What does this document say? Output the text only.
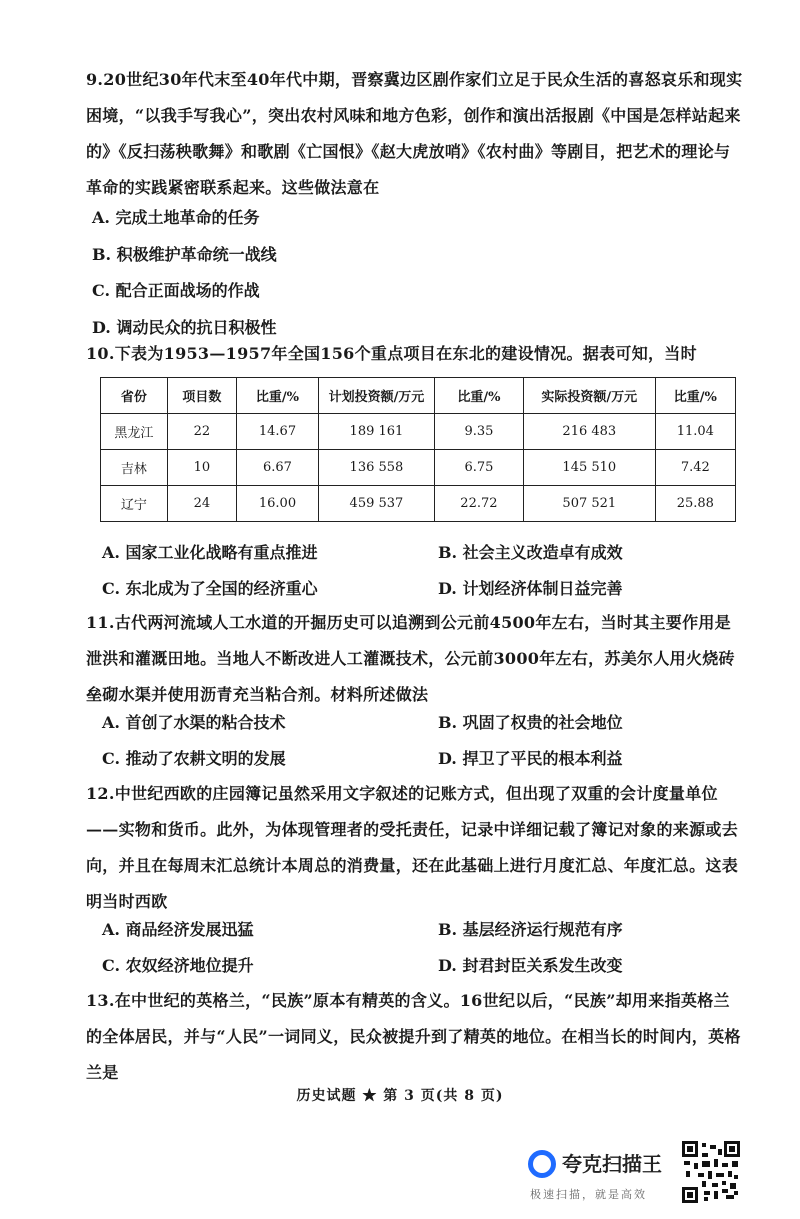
9.20世纪30年代末至40年代中期，晋察冀边区剧作家们立足于民众生活的喜怒哀乐和现实困境，“以我手写我心”，突出农村风味和地方色彩，创作和演出活报剧《中国是怎样站起来的》《反扫荡秧歌舞》和歌剧《亡国恨》《赵大虎放哨》《农村曲》等剧目，把艺术的理论与革命的实践紧密联系起来。这些做法意在
A. 完成土地革命的任务
B. 积极维护革命统一战线
C. 配合正面战场的作战
D. 调动民众的抗日积极性
10.下表为1953—1957年全国156个重点项目在东北的建设情况。据表可知，当时
省份	项目数	比重/%	计划投资额/万元	比重/%	实际投资额/万元	比重/%
黑龙江	22	14.67	189 161	9.35	216 483	11.04
吉林	10	6.67	136 558	6.75	145 510	7.42
辽宁	24	16.00	459 537	22.72	507 521	25.88
A. 国家工业化战略有重点推进	B. 社会主义改造卓有成效
C. 东北成为了全国的经济重心	D. 计划经济体制日益完善
11.古代两河流域人工水道的开掘历史可以追溯到公元前4500年左右，当时其主要作用是泄洪和灌溉田地。当地人不断改进人工灌溉技术，公元前3000年左右，苏美尔人用火烧砖垒砌水渠并使用沥青充当粘合剂。材料所述做法
A. 首创了水渠的粘合技术	B. 巩固了权贵的社会地位
C. 推动了农耕文明的发展	D. 捍卫了平民的根本利益
12.中世纪西欧的庄园簿记虽然采用文字叙述的记账方式，但出现了双重的会计度量单位——实物和货币。此外，为体现管理者的受托责任，记录中详细记载了簿记对象的来源或去向，并且在每周末汇总统计本周总的消费量，还在此基础上进行月度汇总、年度汇总。这表明当时西欧
A. 商品经济发展迅猛	B. 基层经济运行规范有序
C. 农奴经济地位提升	D. 封君封臣关系发生改变
13.在中世纪的英格兰，“民族”原本有精英的含义。16世纪以后，“民族”却用来指英格兰的全体居民，并与“人民”一词同义，民众被提升到了精英的地位。在相当长的时间内，英格兰是
历史试题 ★ 第 3 页(共 8 页)
夸克扫描王
极速扫描，就是高效
